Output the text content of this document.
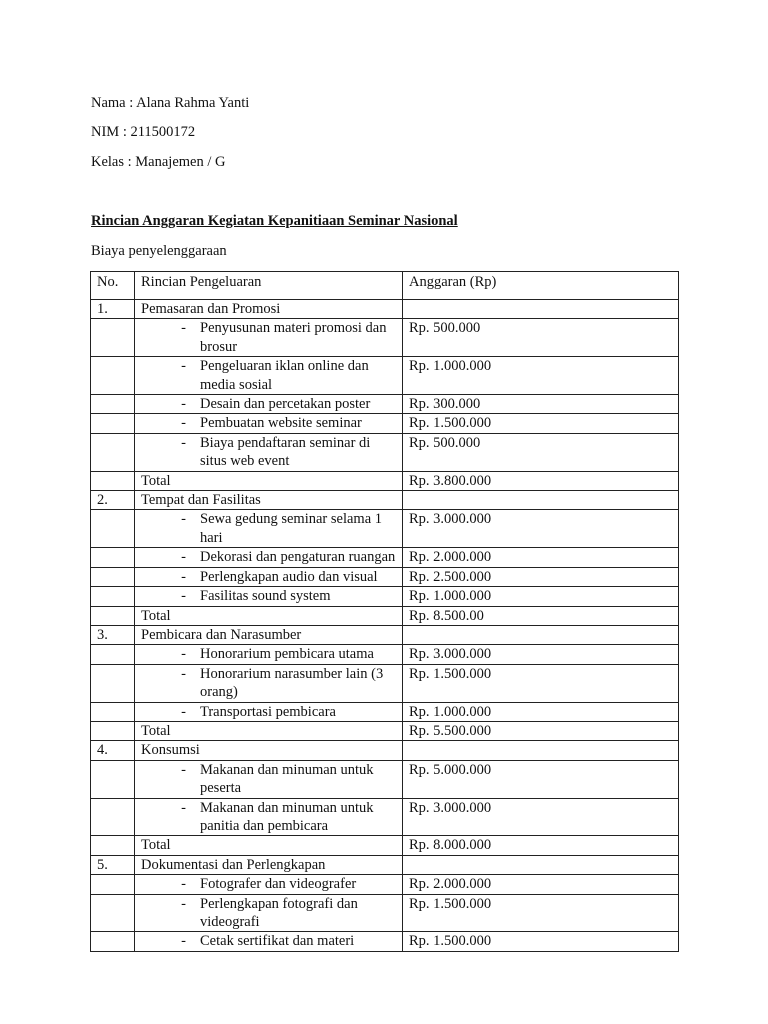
Nama : Alana Rahma Yanti
NIM : 211500172
Kelas : Manajemen / G
Rincian Anggaran Kegiatan Kepanitiaan Seminar Nasional
Biaya penyelenggaraan
No.	Rincian Pengeluaran	Anggaran (Rp)
1.	Pemasaran dan Promosi	

	- Penyusunan materi promosi dan brosur	Rp. 500.000

	- Pengeluaran iklan online dan media sosial	Rp. 1.000.000

	- Desain dan percetakan poster	Rp. 300.000

	- Pembuatan website seminar	Rp. 1.500.000

	- Biaya pendaftaran seminar di situs web event	Rp. 500.000
	Total	Rp. 3.800.000
2.	Tempat dan Fasilitas	

	- Sewa gedung seminar selama 1 hari	Rp. 3.000.000

	- Dekorasi dan pengaturan ruangan	Rp. 2.000.000

	- Perlengkapan audio dan visual	Rp. 2.500.000

	- Fasilitas sound system	Rp. 1.000.000
	Total	Rp. 8.500.00
3.	Pembicara dan Narasumber	

	- Honorarium pembicara utama	Rp. 3.000.000

	- Honorarium narasumber lain (3 orang)	Rp. 1.500.000

	- Transportasi pembicara	Rp. 1.000.000
	Total	Rp. 5.500.000
4.	Konsumsi	

	- Makanan dan minuman untuk peserta	Rp. 5.000.000

	- Makanan dan minuman untuk panitia dan pembicara	Rp. 3.000.000
	Total	Rp. 8.000.000
5.	Dokumentasi dan Perlengkapan	

	- Fotografer dan videografer	Rp. 2.000.000

	- Perlengkapan fotografi dan videografi	Rp. 1.500.000

	- Cetak sertifikat dan materi	Rp. 1.500.000
